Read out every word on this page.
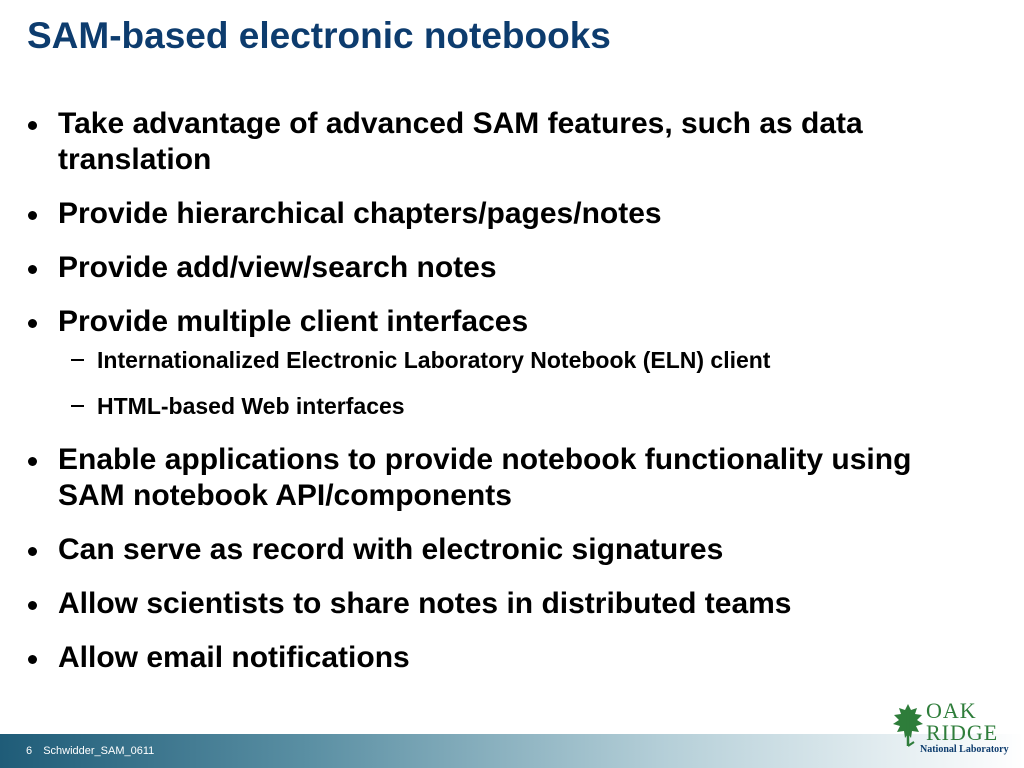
SAM-based electronic notebooks
Take advantage of advanced SAM features, such as data translation
Provide hierarchical chapters/pages/notes
Provide add/view/search notes
Provide multiple client interfaces
Internationalized Electronic Laboratory Notebook (ELN) client
HTML-based Web interfaces
Enable applications to provide notebook functionality using SAM notebook API/components
Can serve as record with electronic signatures
Allow scientists to share notes in distributed teams
Allow email notifications
6 Schwidder_SAM_0611
OAK
RIDGE
National Laboratory
